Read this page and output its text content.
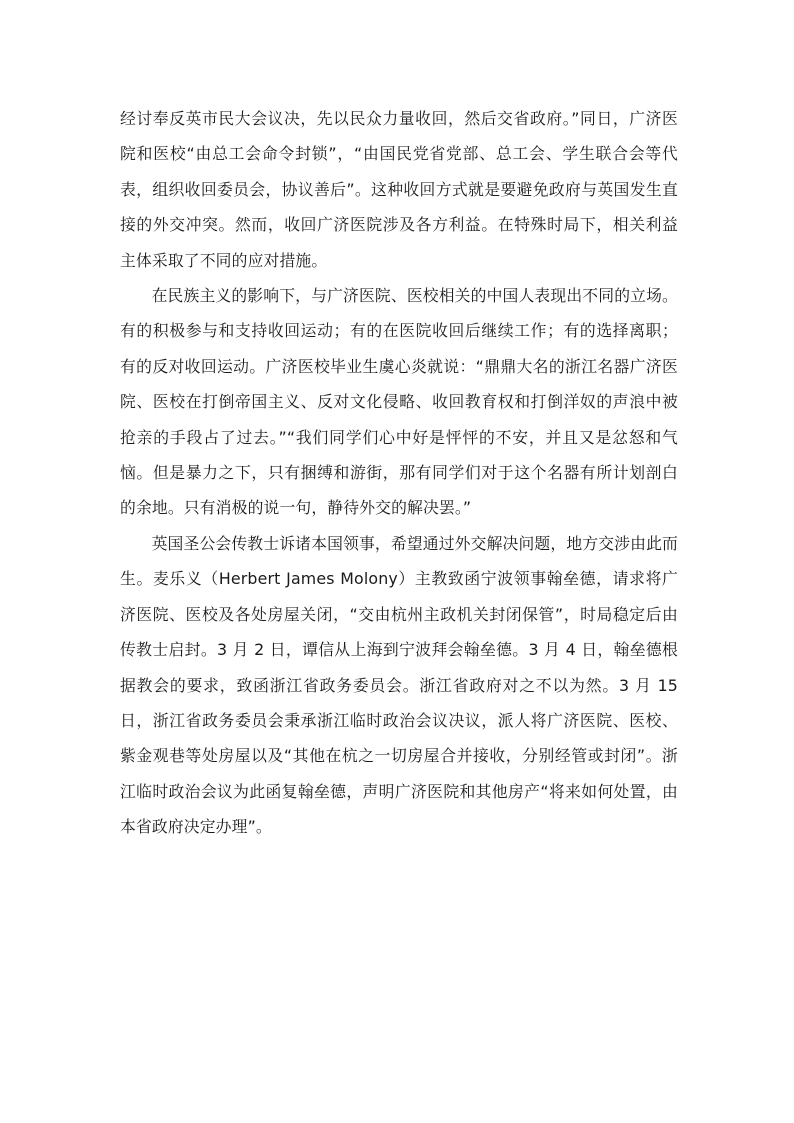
经讨奉反英市民大会议决，先以民众力量收回，然后交省政府。”同日，广济医院和医校“由总工会命令封锁”，“由国民党省党部、总工会、学生联合会等代表，组织收回委员会，协议善后”。这种收回方式就是要避免政府与英国发生直接的外交冲突。然而，收回广济医院涉及各方利益。在特殊时局下，相关利益主体采取了不同的应对措施。

在民族主义的影响下，与广济医院、医校相关的中国人表现出不同的立场。有的积极参与和支持收回运动；有的在医院收回后继续工作；有的选择离职；有的反对收回运动。广济医校毕业生虞心炎就说：“鼎鼎大名的浙江名器广济医院、医校在打倒帝国主义、反对文化侵略、收回教育权和打倒洋奴的声浪中被抢亲的手段占了过去。”“我们同学们心中好是怦怦的不安，并且又是忿怒和气恼。但是暴力之下，只有捆缚和游街，那有同学们对于这个名器有所计划剖白的余地。只有消极的说一句，静待外交的解决罢。”

英国圣公会传教士诉诸本国领事，希望通过外交解决问题，地方交涉由此而生。麦乐义（Herbert James Molony）主教致函宁波领事翰垒德，请求将广济医院、医校及各处房屋关闭，“交由杭州主政机关封闭保管”，时局稳定后由传教士启封。3 月 2 日，谭信从上海到宁波拜会翰垒德。3 月 4 日，翰垒德根据教会的要求，致函浙江省政务委员会。浙江省政府对之不以为然。3 月 15 日，浙江省政务委员会秉承浙江临时政治会议决议，派人将广济医院、医校、紫金观巷等处房屋以及“其他在杭之一切房屋合并接收，分别经管或封闭”。浙江临时政治会议为此函复翰垒德，声明广济医院和其他房产“将来如何处置，由本省政府决定办理”。
